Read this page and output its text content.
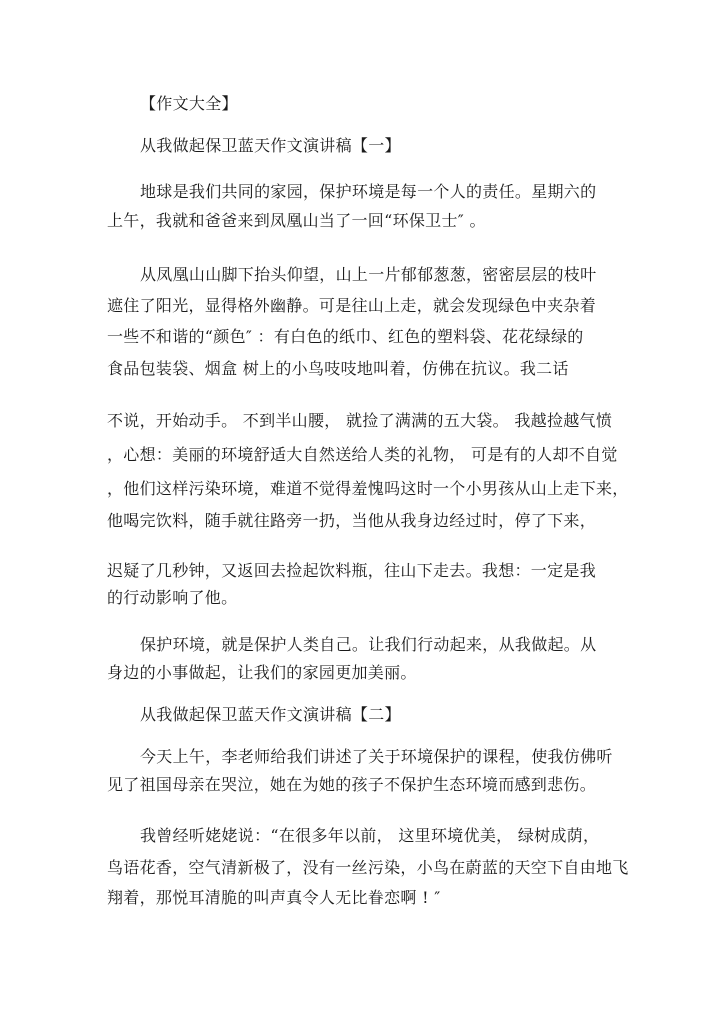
【作文大全】

从我做起保卫蓝天作文演讲稿【一】

地球是我们共同的家园，保护环境是每一个人的责任。星期六的

上午，我就和爸爸来到凤凰山当了一回“环保卫士″ 。

从凤凰山山脚下抬头仰望，山上一片郁郁葱葱，密密层层的枝叶

遮住了阳光，显得格外幽静。可是往山上走，就会发现绿色中夹杂着

一些不和谐的“颜色″ ：有白色的纸巾、红色的塑料袋、花花绿绿的

食品包装袋、烟盒 树上的小鸟吱吱地叫着，仿佛在抗议。我二话

不说，开始动手。 不到半山腰， 就捡了满满的五大袋。 我越捡越气愤

，心想：美丽的环境舒适大自然送给人类的礼物， 可是有的人却不自觉

，他们这样污染环境，难道不觉得羞愧吗这时一个小男孩从山上走下来，

他喝完饮料，随手就往路旁一扔，当他从我身边经过时，停了下来，

迟疑了几秒钟，又返回去捡起饮料瓶，往山下走去。我想：一定是我

的行动影响了他。

保护环境，就是保护人类自己。让我们行动起来，从我做起。从

身边的小事做起，让我们的家园更加美丽。

从我做起保卫蓝天作文演讲稿【二】

今天上午，李老师给我们讲述了关于环境保护的课程，使我仿佛听

见了祖国母亲在哭泣，她在为她的孩子不保护生态环境而感到悲伤。

我曾经听姥姥说：“在很多年以前， 这里环境优美， 绿树成荫，

鸟语花香，空气清新极了，没有一丝污染，小鸟在蔚蓝的天空下自由地飞

翔着，那悦耳清脆的叫声真令人无比眷恋啊 ! ″
